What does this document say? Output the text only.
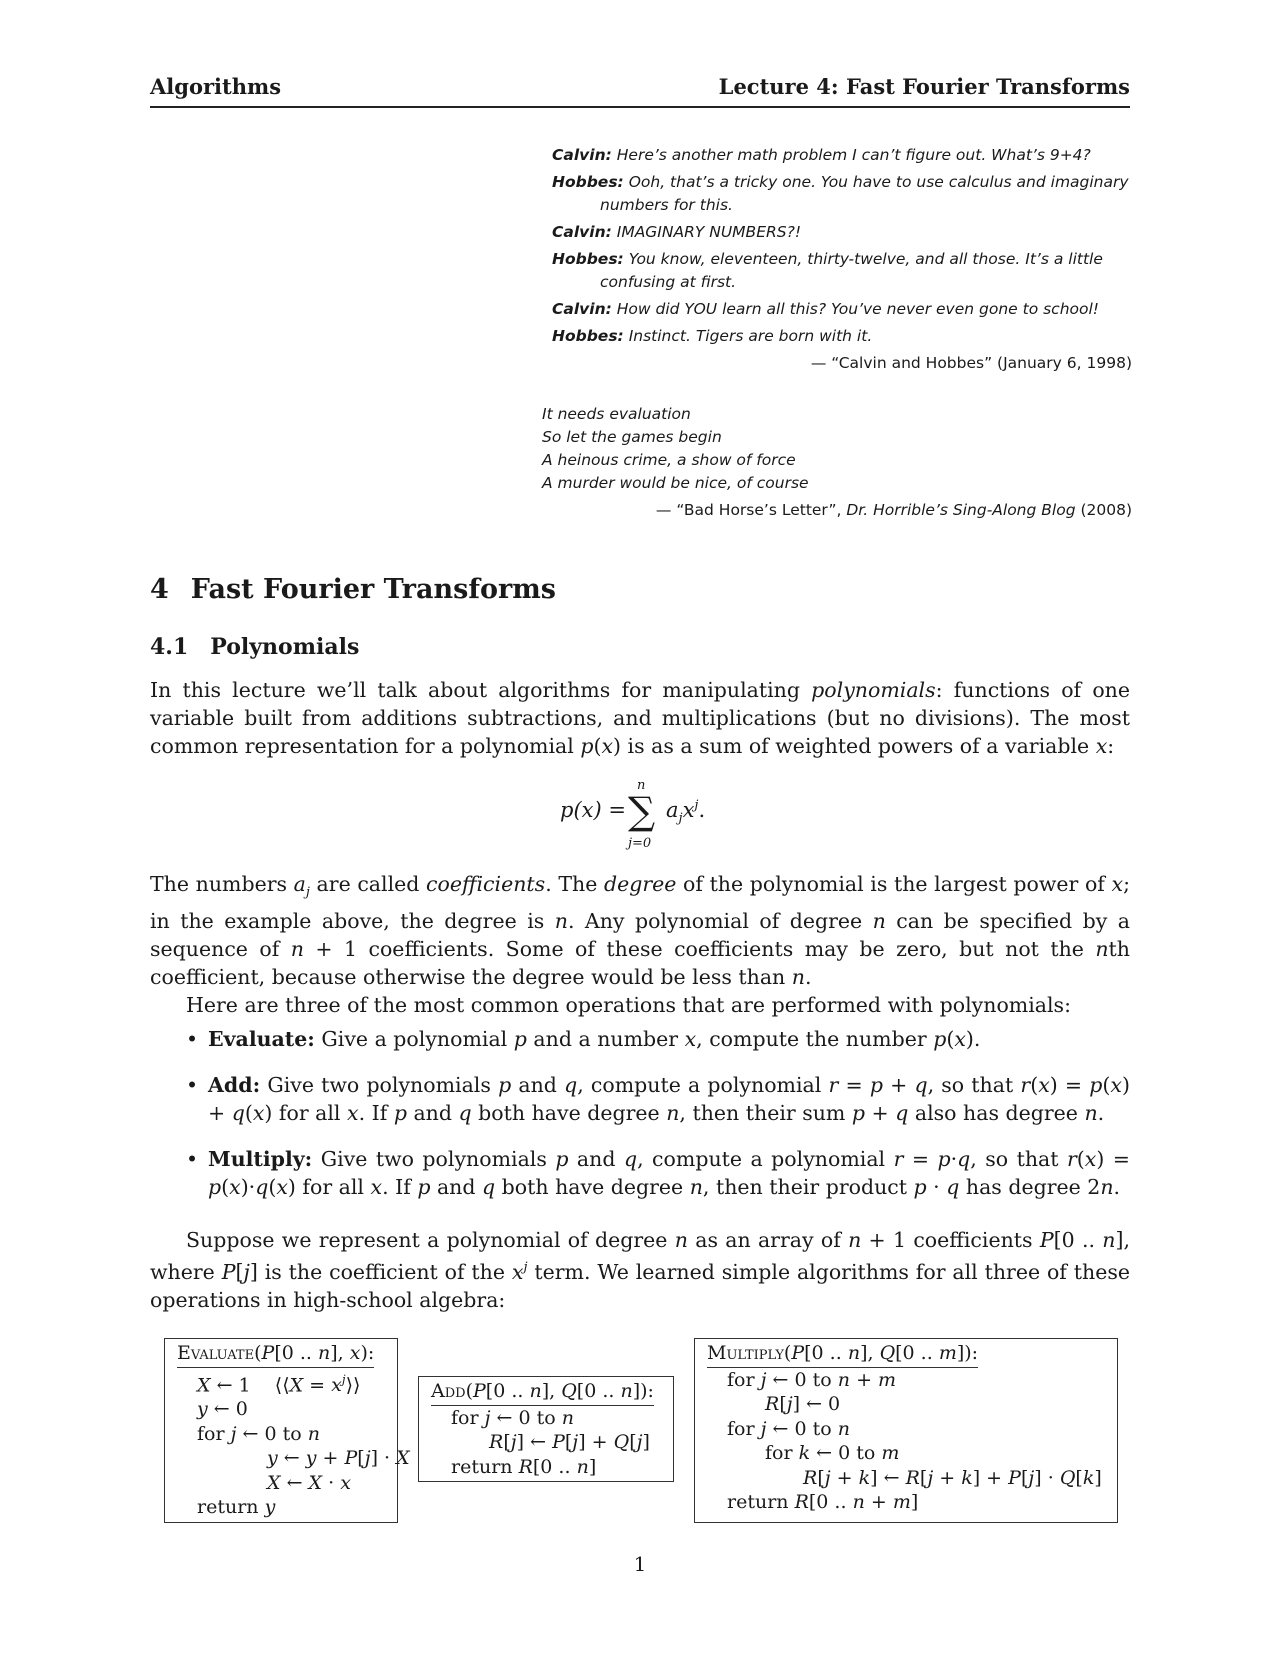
Algorithms	Lecture 4: Fast Fourier Transforms
Calvin: Here’s another math problem I can’t figure out. What’s 9+4?
Hobbes: Ooh, that’s a tricky one. You have to use calculus and imaginary numbers for this.
Calvin: IMAGINARY NUMBERS?!
Hobbes: You know, eleventeen, thirty-twelve, and all those. It’s a little confusing at first.
Calvin: How did YOU learn all this? You’ve never even gone to school!
Hobbes: Instinct. Tigers are born with it.
— “Calvin and Hobbes” (January 6, 1998)
It needs evaluation
So let the games begin
A heinous crime, a show of force
A murder would be nice, of course
— “Bad Horse’s Letter”, Dr. Horrible’s Sing-Along Blog (2008)
4 Fast Fourier Transforms
4.1 Polynomials
In this lecture we’ll talk about algorithms for manipulating polynomials: functions of one variable built from additions subtractions, and multiplications (but no divisions). The most common representation for a polynomial p(x) is as a sum of weighted powers of a variable x:
p(x) =
n
∑
j=0
$a_jx^j$.
The numbers $a_j$ are called coefficients. The degree of the polynomial is the largest power of x; in the example above, the degree is n. Any polynomial of degree n can be specified by a sequence of n + 1 coefficients. Some of these coefficients may be zero, but not the nth coefficient, because otherwise the degree would be less than n.
Here are three of the most common operations that are performed with polynomials:
• Evaluate: Give a polynomial p and a number x, compute the number p(x).
• Add: Give two polynomials p and q, compute a polynomial r = p + q, so that r(x) = p(x) + q(x) for all x. If p and q both have degree n, then their sum p + q also has degree n.
• Multiply: Give two polynomials p and q, compute a polynomial r = p·q, so that r(x) = p(x)·q(x) for all x. If p and q both have degree n, then their product p · q has degree 2n.
Suppose we represent a polynomial of degree n as an array of n + 1 coefficients P[0 .. n], where P[j] is the coefficient of the $x^j$ term. We learned simple algorithms for all three of these operations in high-school algebra:
Evaluate(P[0 .. n], x):
X ← 1    ⟨⟨X = $x^j⟩⟩$
y ← 0
for j ← 0 to n
y ← y + P[j] · X
X ← X · x
return y
Add(P[0 .. n], Q[0 .. n]):
for j ← 0 to n
R[j] ← P[j] + Q[j]
return R[0 .. n]
Multiply(P[0 .. n], Q[0 .. m]):
for j ← 0 to n + m
R[j] ← 0
for j ← 0 to n
for k ← 0 to m
R[j + k] ← R[j + k] + P[j] · Q[k]
return R[0 .. n + m]
1
